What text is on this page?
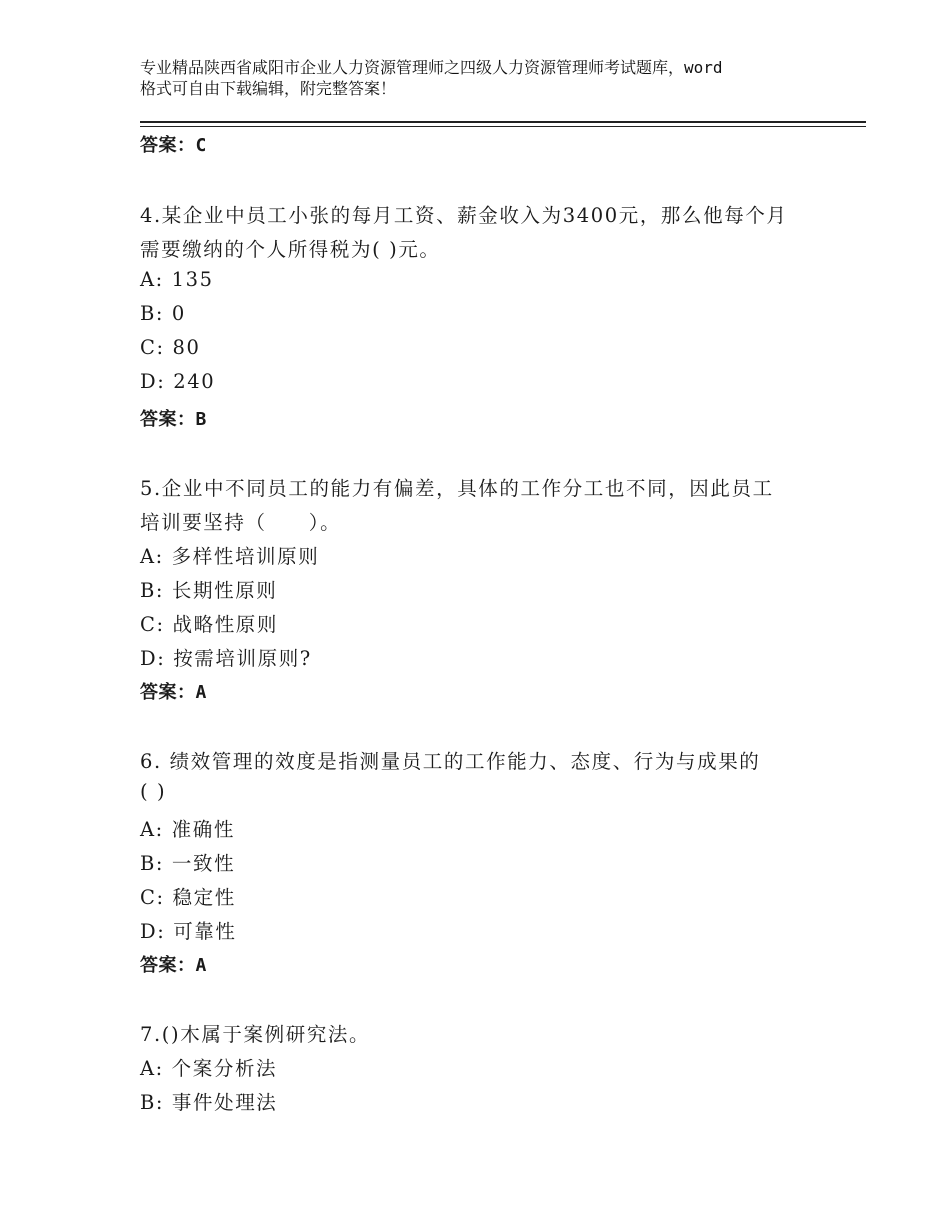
专业精品陕西省咸阳市企业人力资源管理师之四级人力资源管理师考试题库，word
格式可自由下载编辑，附完整答案！
答案：C
4.某企业中员工小张的每月工资、薪金收入为3400元，那么他每个月
需要缴纳的个人所得税为( )元。
A: 135
B: 0
C: 80
D: 240
答案：B
5.企业中不同员工的能力有偏差，具体的工作分工也不同，因此员工
培训要坚持（　　）。
A: 多样性培训原则
B: 长期性原则
C: 战略性原则
D: 按需培训原则?
答案：A
6. 绩效管理的效度是指测量员工的工作能力、态度、行为与成果的
( )
A: 准确性
B: 一致性
C: 稳定性
D: 可靠性
答案：A
7.()木属于案例研究法。
A: 个案分析法
B: 事件处理法
